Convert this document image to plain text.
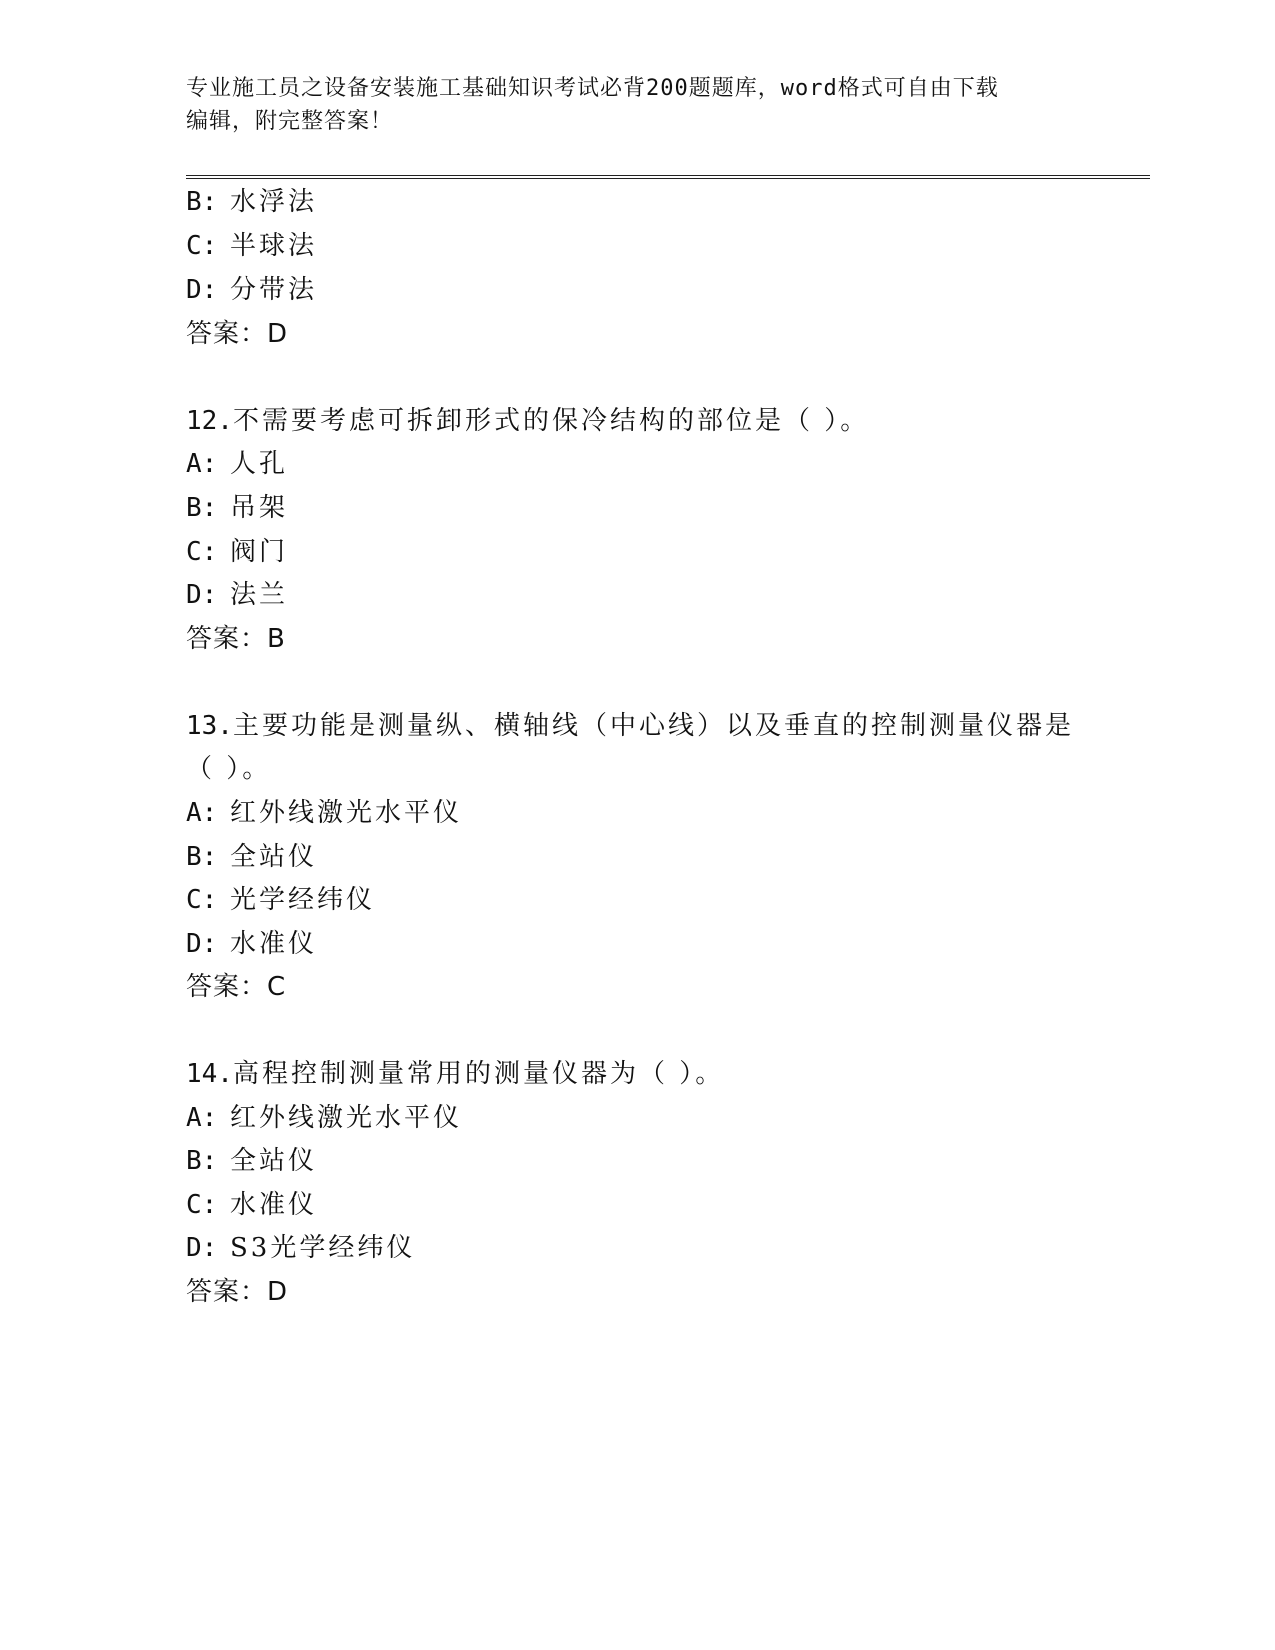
专业施工员之设备安装施工基础知识考试必背200题题库，word格式可自由下载
编辑，附完整答案！
B: 水浮法
C: 半球法
D: 分带法
答案：D
12.不需要考虑可拆卸形式的保冷结构的部位是（ ）。
A: 人孔
B: 吊架
C: 阀门
D: 法兰
答案：B
13.主要功能是测量纵、横轴线（中心线）以及垂直的控制测量仪器是
（ ）。
A: 红外线激光水平仪
B: 全站仪
C: 光学经纬仪
D: 水准仪
答案：C
14.高程控制测量常用的测量仪器为（ ）。
A: 红外线激光水平仪
B: 全站仪
C: 水准仪
D: S3光学经纬仪
答案：D
